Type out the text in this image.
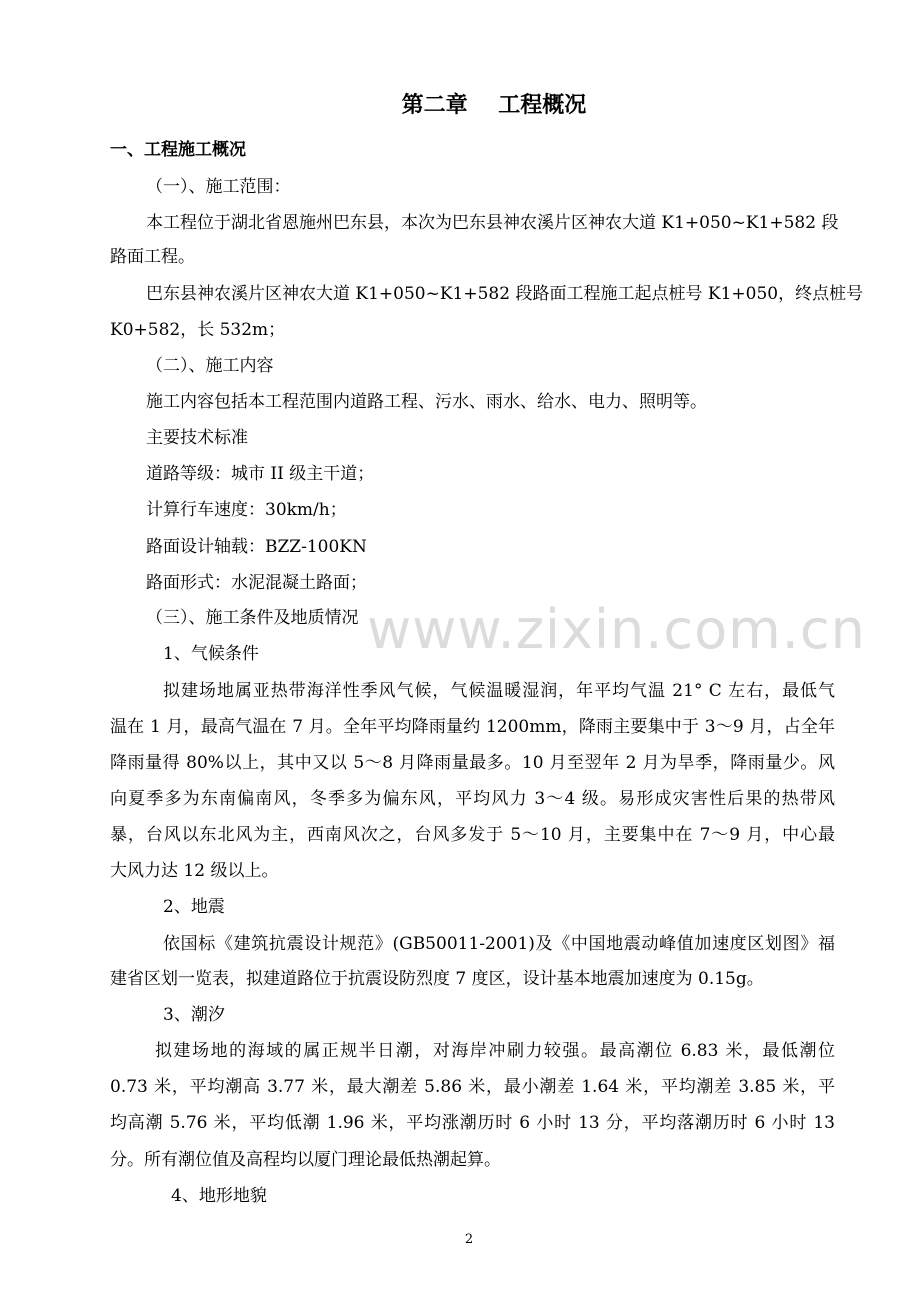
www.zixin.com.cn
第二章    工程概况
一、工程施工概况
（一）、施工范围：
本工程位于湖北省恩施州巴东县，本次为巴东县神农溪片区神农大道 K1+050~K1+582 段
路面工程。
巴东县神农溪片区神农大道 K1+050~K1+582 段路面工程施工起点桩号 K1+050，终点桩号
K0+582，长 532m；
（二）、施工内容
施工内容包括本工程范围内道路工程、污水、雨水、给水、电力、照明等。
主要技术标准
道路等级：城市 II 级主干道；
计算行车速度：30km/h；
路面设计轴载：BZZ-100KN
路面形式：水泥混凝土路面；
（三）、施工条件及地质情况
1、气候条件
拟建场地属亚热带海洋性季风气候，气候温暖湿润，年平均气温 21° C 左右，最低气
温在 1 月，最高气温在 7 月。全年平均降雨量约 1200mm，降雨主要集中于 3～9 月，占全年
降雨量得 80%以上，其中又以 5～8 月降雨量最多。10 月至翌年 2 月为旱季，降雨量少。风
向夏季多为东南偏南风，冬季多为偏东风，平均风力 3～4 级。易形成灾害性后果的热带风
暴，台风以东北风为主，西南风次之，台风多发于 5～10 月，主要集中在 7～9 月，中心最
大风力达 12 级以上。
2、地震
依国标《建筑抗震设计规范》(GB50011-2001)及《中国地震动峰值加速度区划图》福
建省区划一览表，拟建道路位于抗震设防烈度 7 度区，设计基本地震加速度为 0.15g。
3、潮汐
拟建场地的海域的属正规半日潮，对海岸冲刷力较强。最高潮位 6.83 米，最低潮位
0.73 米，平均潮高 3.77 米，最大潮差 5.86 米，最小潮差 1.64 米，平均潮差 3.85 米，平
均高潮 5.76 米，平均低潮 1.96 米，平均涨潮历时 6 小时 13 分，平均落潮历时 6 小时 13
分。所有潮位值及高程均以厦门理论最低热潮起算。
4、地形地貌
2
